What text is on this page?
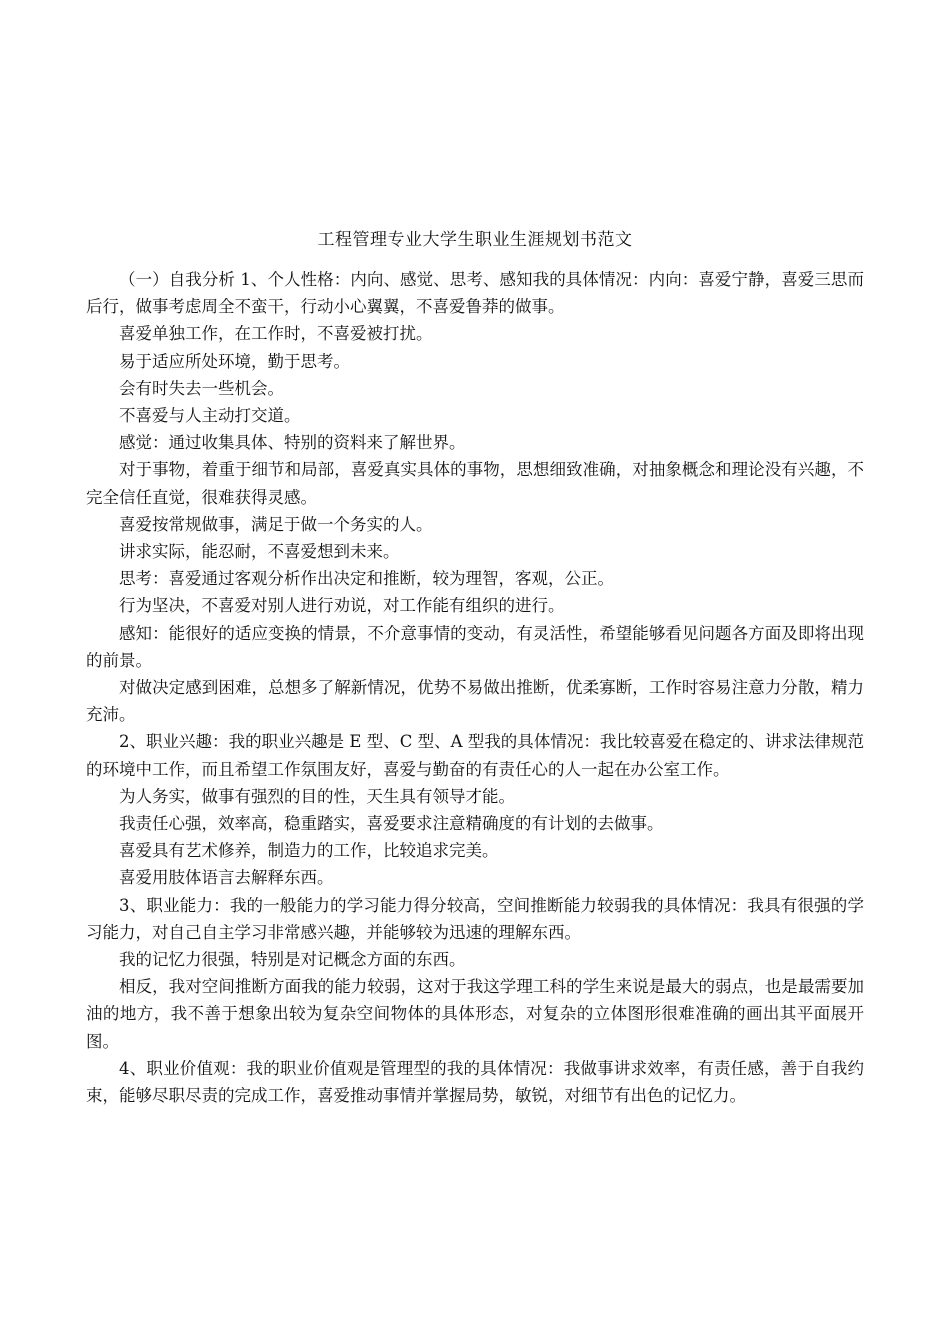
工程管理专业大学生职业生涯规划书范文

（一）自我分析 1、个人性格：内向、感觉、思考、感知我的具体情况：内向：喜爱宁静，喜爱三思而后行，做事考虑周全不蛮干，行动小心翼翼，不喜爱鲁莽的做事。

喜爱单独工作，在工作时，不喜爱被打扰。

易于适应所处环境，勤于思考。

会有时失去一些机会。

不喜爱与人主动打交道。

感觉：通过收集具体、特别的资料来了解世界。

对于事物，着重于细节和局部，喜爱真实具体的事物，思想细致准确，对抽象概念和理论没有兴趣，不完全信任直觉，很难获得灵感。

喜爱按常规做事，满足于做一个务实的人。

讲求实际，能忍耐，不喜爱想到未来。

思考：喜爱通过客观分析作出决定和推断，较为理智，客观，公正。

行为坚决，不喜爱对别人进行劝说，对工作能有组织的进行。

感知：能很好的适应变换的情景，不介意事情的变动，有灵活性，希望能够看见问题各方面及即将出现的前景。

对做决定感到困难，总想多了解新情况，优势不易做出推断，优柔寡断，工作时容易注意力分散，精力充沛。

2、职业兴趣：我的职业兴趣是 E 型、C 型、A 型我的具体情况：我比较喜爱在稳定的、讲求法律规范的环境中工作，而且希望工作氛围友好，喜爱与勤奋的有责任心的人一起在办公室工作。

为人务实，做事有强烈的目的性，天生具有领导才能。

我责任心强，效率高，稳重踏实，喜爱要求注意精确度的有计划的去做事。

喜爱具有艺术修养，制造力的工作，比较追求完美。

喜爱用肢体语言去解释东西。

3、职业能力：我的一般能力的学习能力得分较高，空间推断能力较弱我的具体情况：我具有很强的学习能力，对自己自主学习非常感兴趣，并能够较为迅速的理解东西。

我的记忆力很强，特别是对记概念方面的东西。

相反，我对空间推断方面我的能力较弱，这对于我这学理工科的学生来说是最大的弱点，也是最需要加油的地方，我不善于想象出较为复杂空间物体的具体形态，对复杂的立体图形很难准确的画出其平面展开图。

4、职业价值观：我的职业价值观是管理型的我的具体情况：我做事讲求效率，有责任感，善于自我约束，能够尽职尽责的完成工作，喜爱推动事情并掌握局势，敏锐，对细节有出色的记忆力。
